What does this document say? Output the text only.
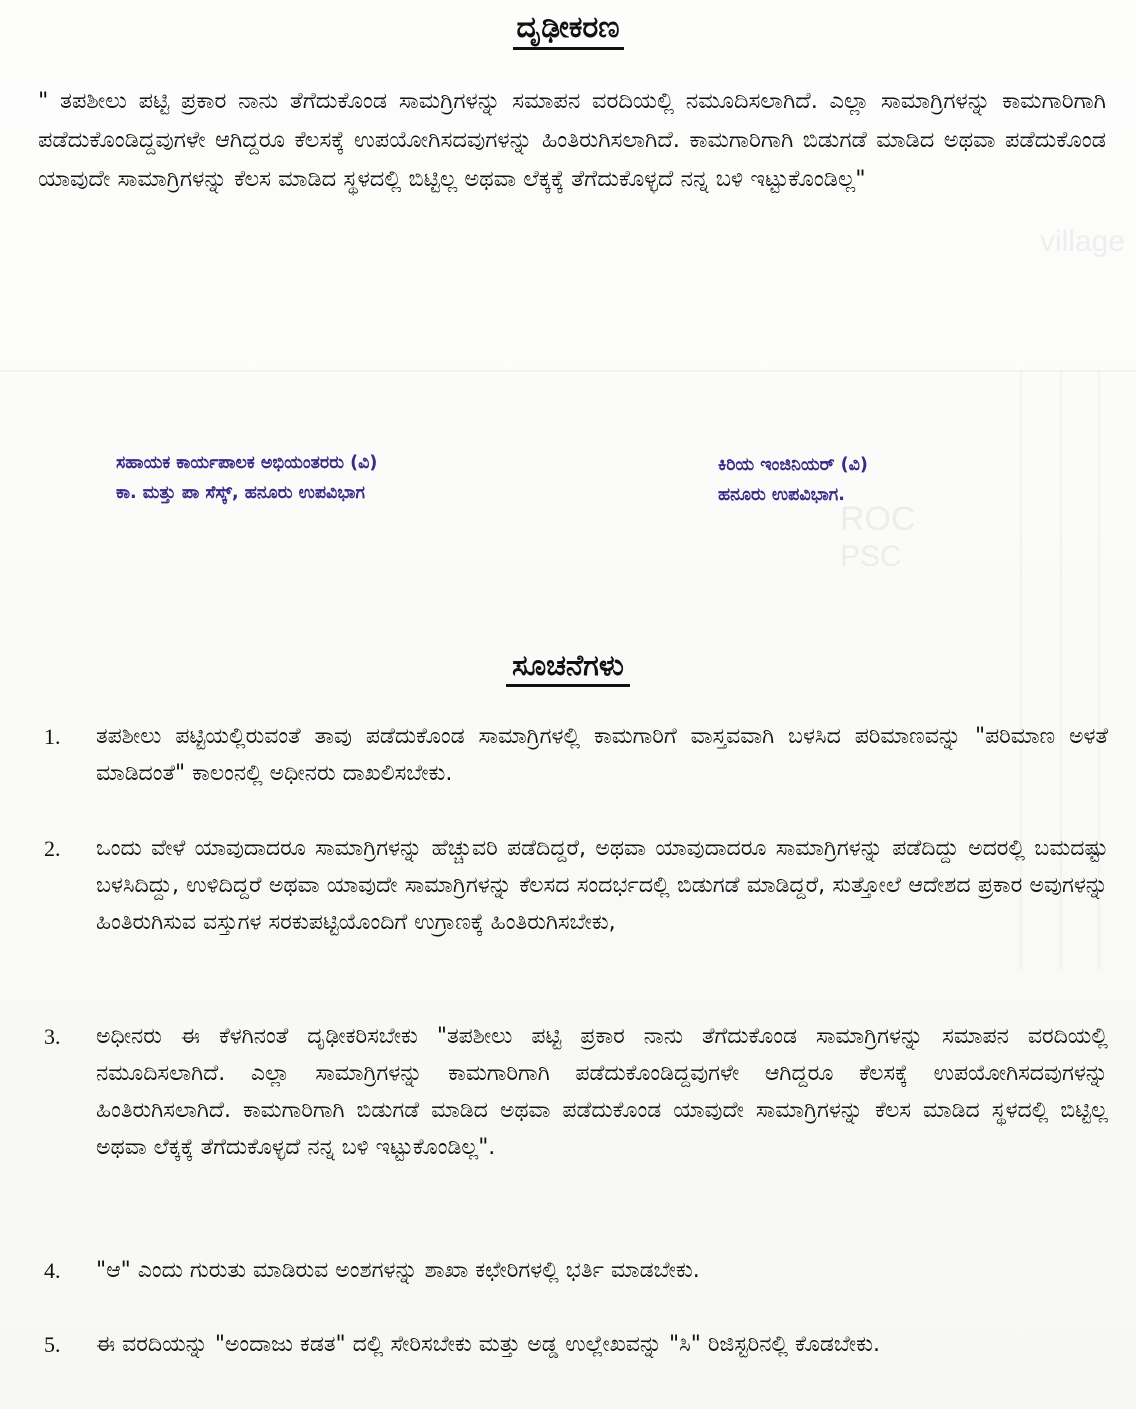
ROC
PSC
village
ದೃಢೀಕರಣ
" ತಪಶೀಲು ಪಟ್ಟಿ ಪ್ರಕಾರ ನಾನು ತೆಗೆದುಕೊಂಡ ಸಾಮಗ್ರಿಗಳನ್ನು ಸಮಾಪನ ವರದಿಯಲ್ಲಿ ನಮೂದಿಸಲಾಗಿದೆ. ಎಲ್ಲಾ ಸಾಮಾಗ್ರಿಗಳನ್ನು ಕಾಮಗಾರಿಗಾಗಿ ಪಡೆದುಕೊಂಡಿದ್ದವುಗಳೇ ಆಗಿದ್ದರೂ ಕೆಲಸಕ್ಕೆ ಉಪಯೋಗಿಸದವುಗಳನ್ನು ಹಿಂತಿರುಗಿಸಲಾಗಿದೆ. ಕಾಮಗಾರಿಗಾಗಿ ಬಿಡುಗಡೆ ಮಾಡಿದ ಅಥವಾ ಪಡೆದುಕೊಂಡ ಯಾವುದೇ ಸಾಮಾಗ್ರಿಗಳನ್ನು ಕೆಲಸ ಮಾಡಿದ ಸ್ಥಳದಲ್ಲಿ ಬಿಟ್ಟಿಲ್ಲ ಅಥವಾ ಲೆಕ್ಕಕ್ಕೆ ತೆಗೆದುಕೊಳ್ಳದೆ ನನ್ನ ಬಳಿ ಇಟ್ಟುಕೊಂಡಿಲ್ಲ"
ಸಹಾಯಕ ಕಾರ್ಯಪಾಲಕ ಅಭಿಯಂತರರು (ವಿ)
ಕಾ. ಮತ್ತು ಪಾ ಸೆಸ್ಕ್, ಹನೂರು ಉಪವಿಭಾಗ
ಕಿರಿಯ ಇಂಜಿನಿಯರ್ (ವಿ)
ಹನೂರು ಉಪವಿಭಾಗ.
ಸೂಚನೆಗಳು
1.	ತಪಶೀಲು ಪಟ್ಟಿಯಲ್ಲಿರುವಂತೆ ತಾವು ಪಡೆದುಕೊಂಡ ಸಾಮಾಗ್ರಿಗಳಲ್ಲಿ ಕಾಮಗಾರಿಗೆ ವಾಸ್ತವವಾಗಿ ಬಳಸಿದ ಪರಿಮಾಣವನ್ನು "ಪರಿಮಾಣ ಅಳತೆ ಮಾಡಿದಂತೆ" ಕಾಲಂನಲ್ಲಿ ಅಧೀನರು ದಾಖಲಿಸಬೇಕು.
2.	ಒಂದು ವೇಳೆ ಯಾವುದಾದರೂ ಸಾಮಾಗ್ರಿಗಳನ್ನು ಹೆಚ್ಚುವರಿ ಪಡೆದಿದ್ದರೆ, ಅಥವಾ ಯಾವುದಾದರೂ ಸಾಮಾಗ್ರಿಗಳನ್ನು ಪಡೆದಿದ್ದು ಅದರಲ್ಲಿ ಬಮದಷ್ಟು ಬಳಸಿದಿದ್ದು, ಉಳಿದಿದ್ದರೆ ಅಥವಾ ಯಾವುದೇ ಸಾಮಾಗ್ರಿಗಳನ್ನು ಕೆಲಸದ ಸಂದರ್ಭದಲ್ಲಿ ಬಿಡುಗಡೆ ಮಾಡಿದ್ದರೆ, ಸುತ್ತೋಲೆ ಆದೇಶದ ಪ್ರಕಾರ ಅವುಗಳನ್ನು ಹಿಂತಿರುಗಿಸುವ ವಸ್ತುಗಳ ಸರಕುಪಟ್ಟಿಯೊಂದಿಗೆ ಉಗ್ರಾಣಕ್ಕೆ ಹಿಂತಿರುಗಿಸಬೇಕು,
3.	ಅಧೀನರು ಈ ಕೆಳಗಿನಂತೆ ದೃಢೀಕರಿಸಬೇಕು "ತಪಶೀಲು ಪಟ್ಟಿ ಪ್ರಕಾರ ನಾನು ತೆಗೆದುಕೊಂಡ ಸಾಮಾಗ್ರಿಗಳನ್ನು ಸಮಾಪನ ವರದಿಯಲ್ಲಿ ನಮೂದಿಸಲಾಗಿದೆ. ಎಲ್ಲಾ ಸಾಮಾಗ್ರಿಗಳನ್ನು ಕಾಮಗಾರಿಗಾಗಿ ಪಡೆದುಕೊಂಡಿದ್ದವುಗಳೇ ಆಗಿದ್ದರೂ ಕೆಲಸಕ್ಕೆ ಉಪಯೋಗಿಸದವುಗಳನ್ನು ಹಿಂತಿರುಗಿಸಲಾಗಿದೆ. ಕಾಮಗಾರಿಗಾಗಿ ಬಿಡುಗಡೆ ಮಾಡಿದ ಅಥವಾ ಪಡೆದುಕೊಂಡ ಯಾವುದೇ ಸಾಮಾಗ್ರಿಗಳನ್ನು ಕೆಲಸ ಮಾಡಿದ ಸ್ಥಳದಲ್ಲಿ ಬಿಟ್ಟಿಲ್ಲ ಅಥವಾ ಲೆಕ್ಕಕ್ಕೆ ತೆಗೆದುಕೊಳ್ಳದೆ ನನ್ನ ಬಳಿ ಇಟ್ಟುಕೊಂಡಿಲ್ಲ".
4.	"ಆ" ಎಂದು ಗುರುತು ಮಾಡಿರುವ ಅಂಶಗಳನ್ನು ಶಾಖಾ ಕಛೇರಿಗಳಲ್ಲಿ ಭರ್ತಿ ಮಾಡಬೇಕು.
5.	ಈ ವರದಿಯನ್ನು "ಅಂದಾಜು ಕಡತ" ದಲ್ಲಿ ಸೇರಿಸಬೇಕು ಮತ್ತು ಅಡ್ಡ ಉಲ್ಲೇಖವನ್ನು "ಸಿ" ರಿಜಿಸ್ಟರಿನಲ್ಲಿ ಕೊಡಬೇಕು.
